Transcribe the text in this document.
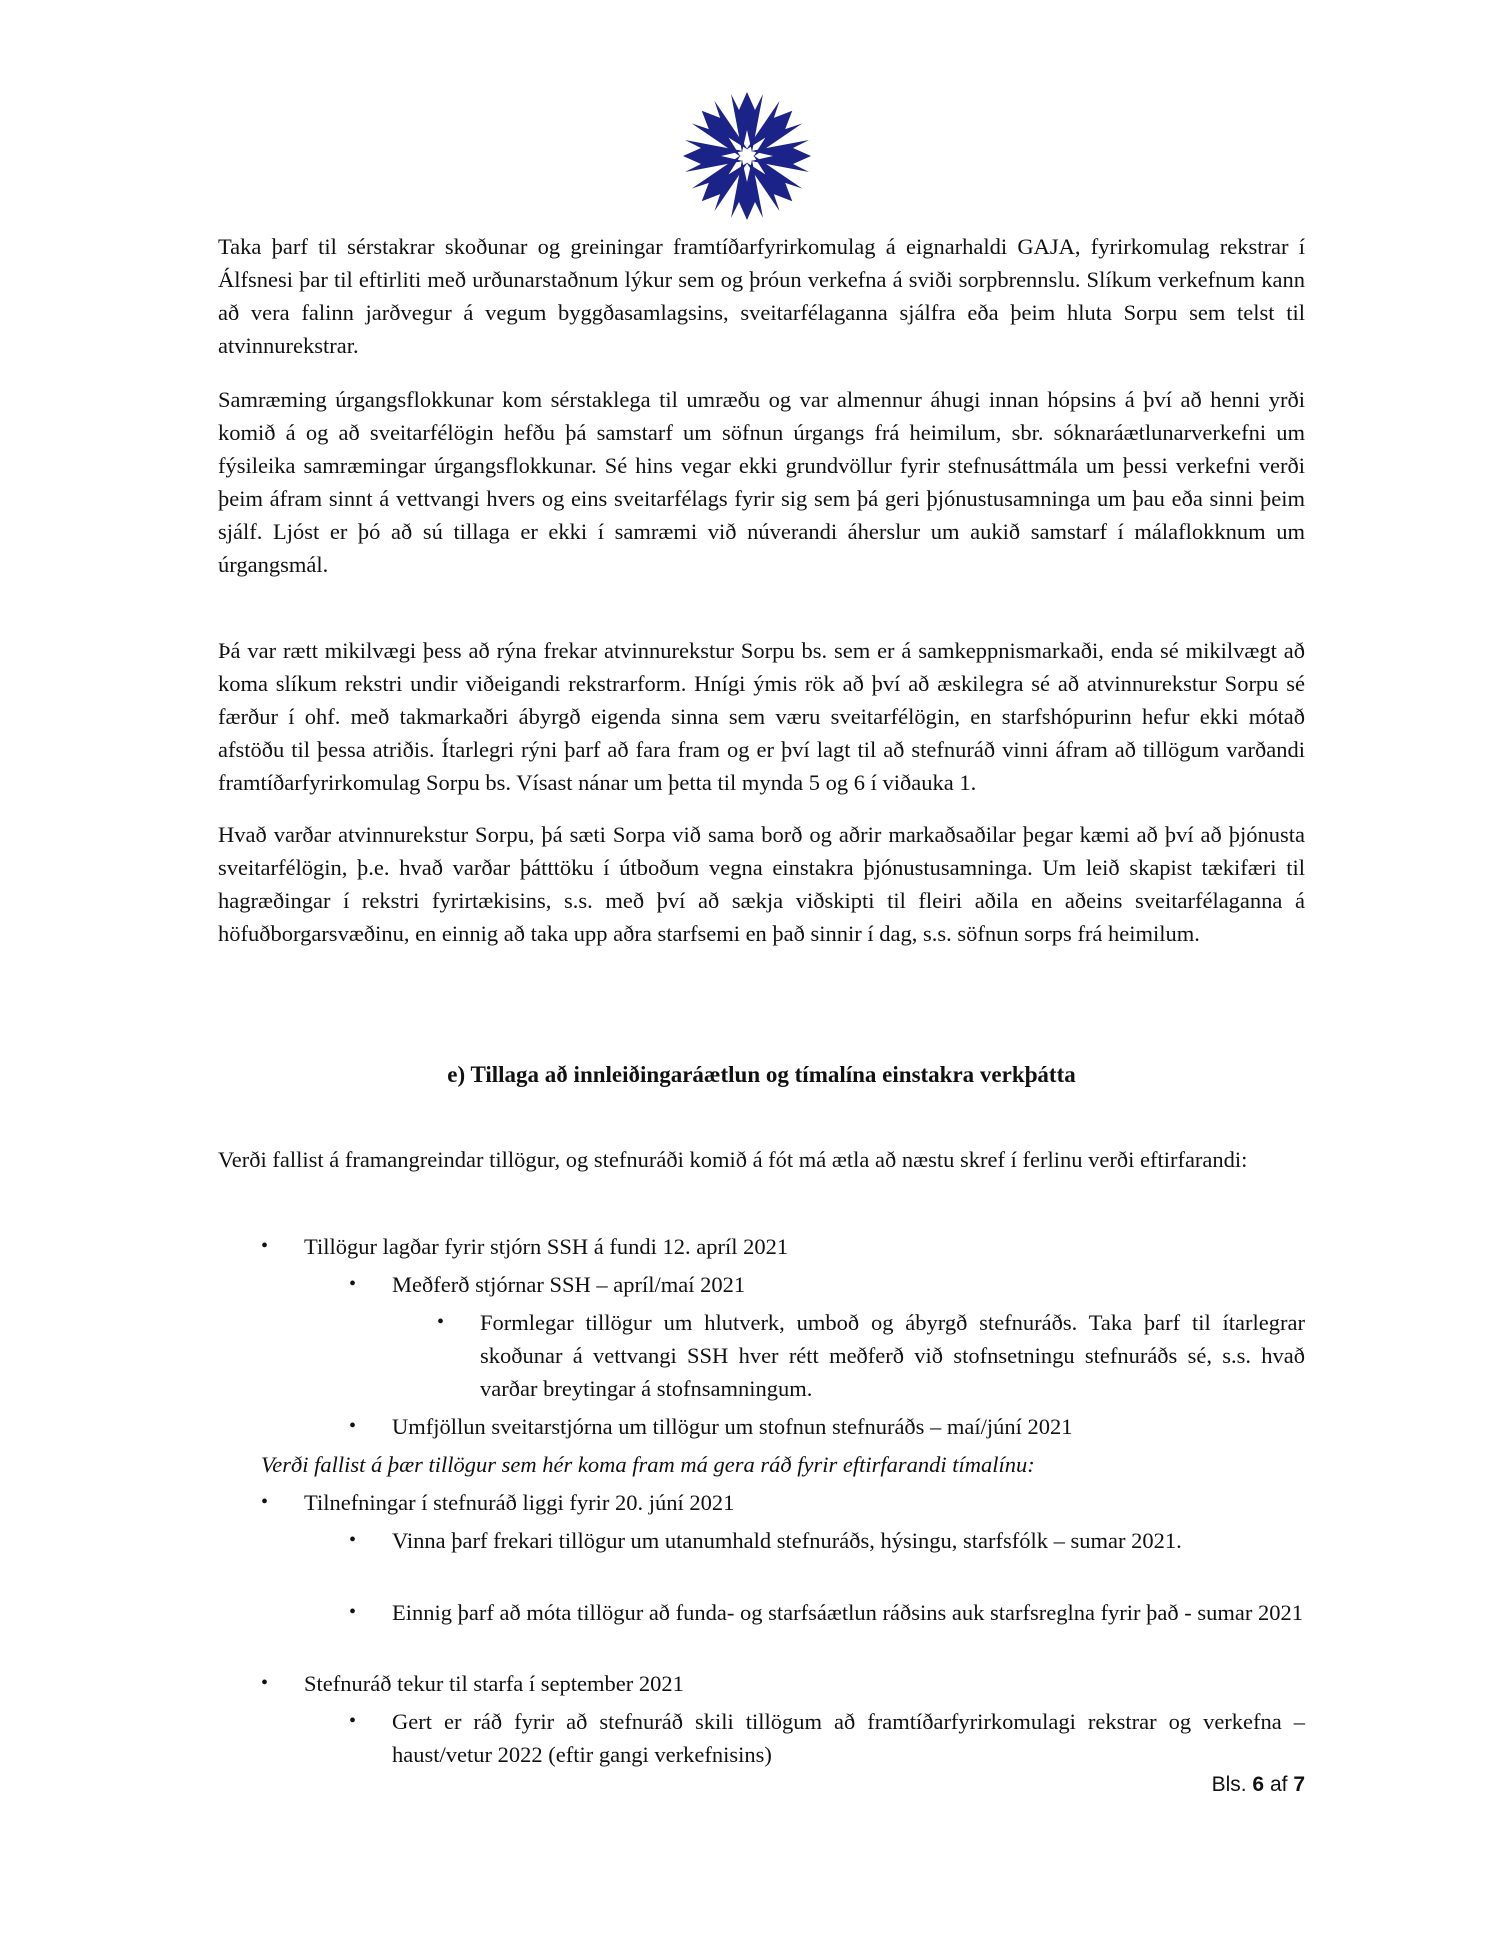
Taka þarf til sérstakrar skoðunar og greiningar framtíðarfyrirkomulag á eignarhaldi GAJA, fyrirkomulag rekstrar í Álfsnesi þar til eftirliti með urðunarstaðnum lýkur sem og þróun verkefna á sviði sorpbrennslu. Slíkum verkefnum kann að vera falinn jarðvegur á vegum byggðasamlagsins, sveitarfélaganna sjálfra eða þeim hluta Sorpu sem telst til atvinnurekstrar.
Samræming úrgangsflokkunar kom sérstaklega til umræðu og var almennur áhugi innan hópsins á því að henni yrði komið á og að sveitarfélögin hefðu þá samstarf um söfnun úrgangs frá heimilum, sbr. sóknaráætlunarverkefni um fýsileika samræmingar úrgangsflokkunar. Sé hins vegar ekki grundvöllur fyrir stefnusáttmála um þessi verkefni verði þeim áfram sinnt á vettvangi hvers og eins sveitarfélags fyrir sig sem þá geri þjónustusamninga um þau eða sinni þeim sjálf. Ljóst er þó að sú tillaga er ekki í samræmi við núverandi áherslur um aukið samstarf í málaflokknum um úrgangsmál.
Þá var rætt mikilvægi þess að rýna frekar atvinnurekstur Sorpu bs. sem er á samkeppnismarkaði, enda sé mikilvægt að koma slíkum rekstri undir viðeigandi rekstrarform. Hnígi ýmis rök að því að æskilegra sé að atvinnurekstur Sorpu sé færður í ohf. með takmarkaðri ábyrgð eigenda sinna sem væru sveitarfélögin, en starfshópurinn hefur ekki mótað afstöðu til þessa atriðis. Ítarlegri rýni þarf að fara fram og er því lagt til að stefnuráð vinni áfram að tillögum varðandi framtíðarfyrirkomulag Sorpu bs. Vísast nánar um þetta til mynda 5 og 6 í viðauka 1.
Hvað varðar atvinnurekstur Sorpu, þá sæti Sorpa við sama borð og aðrir markaðsaðilar þegar kæmi að því að þjónusta sveitarfélögin, þ.e. hvað varðar þátttöku í útboðum vegna einstakra þjónustusamninga. Um leið skapist tækifæri til hagræðingar í rekstri fyrirtækisins, s.s. með því að sækja viðskipti til fleiri aðila en aðeins sveitarfélaganna á höfuðborgarsvæðinu, en einnig að taka upp aðra starfsemi en það sinnir í dag, s.s. söfnun sorps frá heimilum.
e) Tillaga að innleiðingaráætlun og tímalína einstakra verkþátta
Verði fallist á framangreindar tillögur, og stefnuráði komið á fót má ætla að næstu skref í ferlinu verði eftirfarandi:
• Tillögur lagðar fyrir stjórn SSH á fundi 12. apríl 2021
• Meðferð stjórnar SSH – apríl/maí 2021
• Formlegar tillögur um hlutverk, umboð og ábyrgð stefnuráðs. Taka þarf til ítarlegrar skoðunar á vettvangi SSH hver rétt meðferð við stofnsetningu stefnuráðs sé, s.s. hvað varðar breytingar á stofnsamningum.
• Umfjöllun sveitarstjórna um tillögur um stofnun stefnuráðs – maí/júní 2021
Verði fallist á þær tillögur sem hér koma fram má gera ráð fyrir eftirfarandi tímalínu:
• Tilnefningar í stefnuráð liggi fyrir 20. júní 2021
• Vinna þarf frekari tillögur um utanumhald stefnuráðs, hýsingu, starfsfólk – sumar 2021.
• Einnig þarf að móta tillögur að funda- og starfsáætlun ráðsins auk starfsreglna fyrir það - sumar 2021
• Stefnuráð tekur til starfa í september 2021
• Gert er ráð fyrir að stefnuráð skili tillögum að framtíðarfyrirkomulagi rekstrar og verkefna – haust/vetur 2022 (eftir gangi verkefnisins)
Bls. 6 af 7
